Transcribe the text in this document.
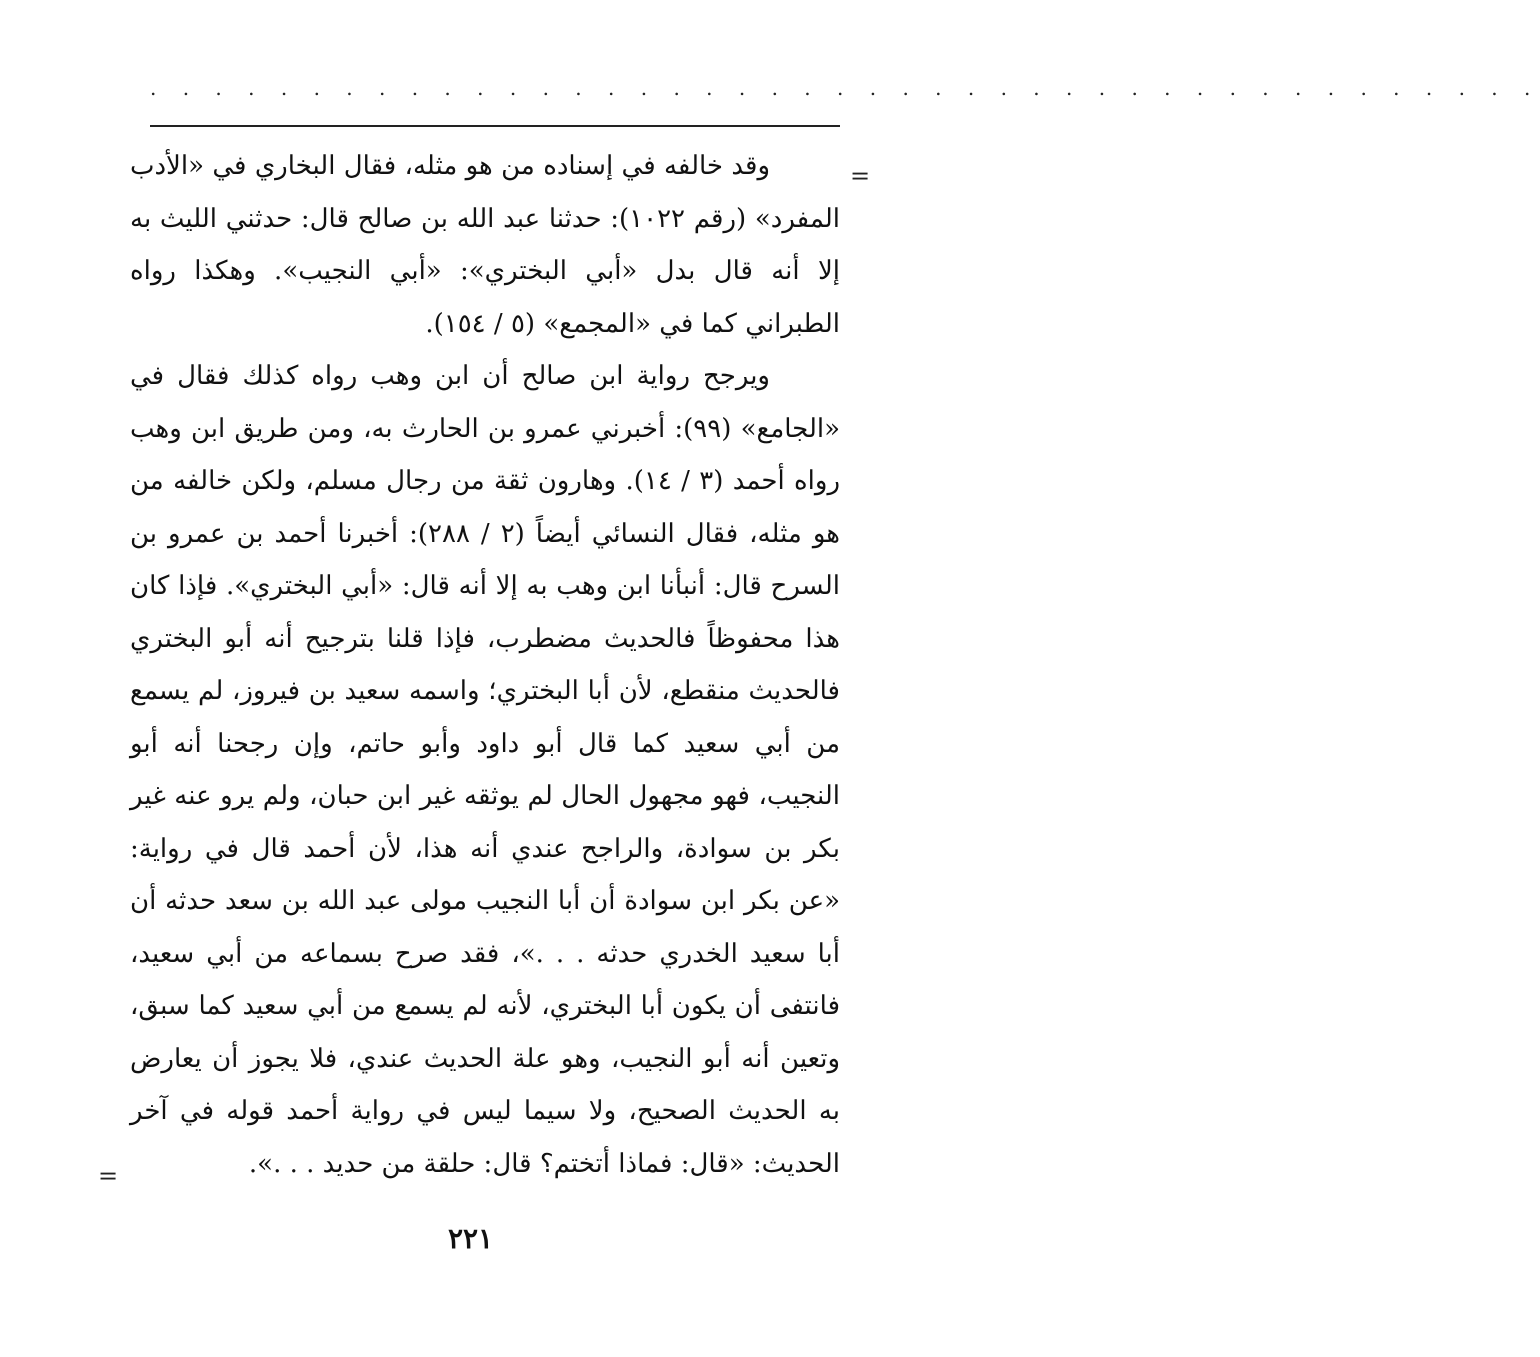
. . . . . . . . . . . . . . . . . . . . . . . . . . . . . . . . . . . . . . . . . . .
=

وقد خالفه في إسناده من هو مثله، فقال البخاري في «الأدب المفرد» (رقم ١٠٢٢): حدثنا عبد الله بن صالح قال: حدثني الليث به إلا أنه قال بدل «أبي البختري»: «أبي النجيب». وهكذا رواه الطبراني كما في «المجمع» (٥ / ١٥٤).

ويرجح رواية ابن صالح أن ابن وهب رواه كذلك فقال في «الجامع» (٩٩): أخبرني عمرو بن الحارث به، ومن طريق ابن وهب رواه أحمد (٣ / ١٤). وهارون ثقة من رجال مسلم، ولكن خالفه من هو مثله، فقال النسائي أيضاً (٢ / ٢٨٨): أخبرنا أحمد بن عمرو بن السرح قال: أنبأنا ابن وهب به إلا أنه قال: «أبي البختري». فإذا كان هذا محفوظاً فالحديث مضطرب، فإذا قلنا بترجيح أنه أبو البختري فالحديث منقطع، لأن أبا البختري؛ واسمه سعيد بن فيروز، لم يسمع من أبي سعيد كما قال أبو داود وأبو حاتم، وإن رجحنا أنه أبو النجيب، فهو مجهول الحال لم يوثقه غير ابن حبان، ولم يرو عنه غير بكر بن سوادة، والراجح عندي أنه هذا، لأن أحمد قال في رواية: «عن بكر ابن سوادة أن أبا النجيب مولى عبد الله بن سعد حدثه أن أبا سعيد الخدري حدثه . . .»، فقد صرح بسماعه من أبي سعيد، فانتفى أن يكون أبا البختري، لأنه لم يسمع من أبي سعيد كما سبق، وتعين أنه أبو النجيب، وهو علة الحديث عندي، فلا يجوز أن يعارض به الحديث الصحيح، ولا سيما ليس في رواية أحمد قوله في آخر الحديث: «قال: فماذا أتختم؟ قال: حلقة من حديد . . .».

=
٢٢١
